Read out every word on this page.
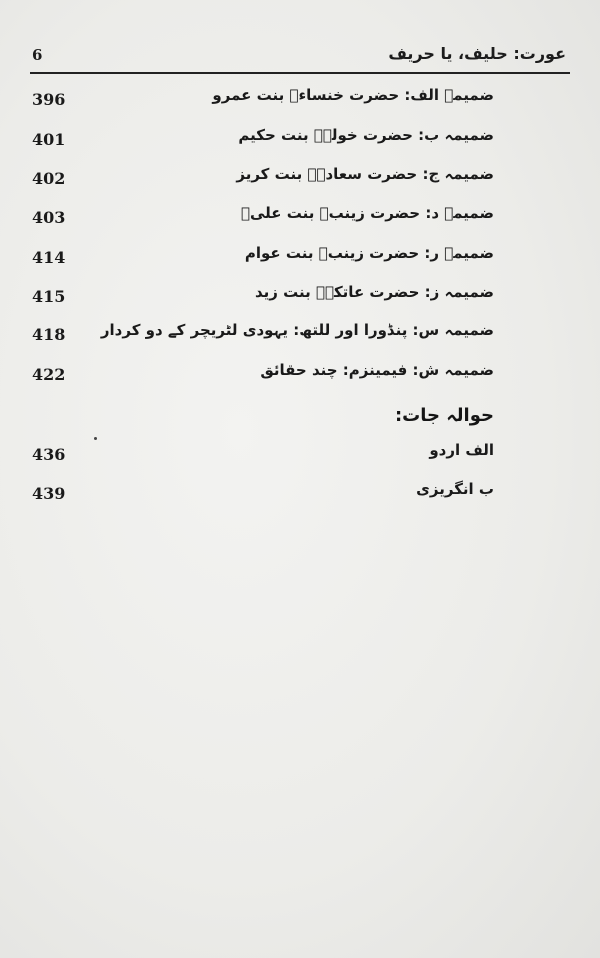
6	عورت: حلیف، یا حریف
396	ضمیمہ الف: حضرت خنساءؓ بنت عمرو
401	ضمیمہ ب: حضرت خولہؓ بنت حکیم
402	ضمیمہ ج: حضرت سعادہؓ بنت کریز
403	ضمیمہ د: حضرت زینبؓ بنت علیؓ
414	ضمیمہ ر: حضرت زینبؓ بنت عوام
415	ضمیمہ ز: حضرت عاتکہؓ بنت زید
418 ضمیمہ س: پنڈورا اور للتھ: یہودی لٹریچر کے دو کردار
422	ضمیمہ ش: فیمینزم: چند حقائق
حوالہ جات:
436	الف اردو
439	ب انگریزی
